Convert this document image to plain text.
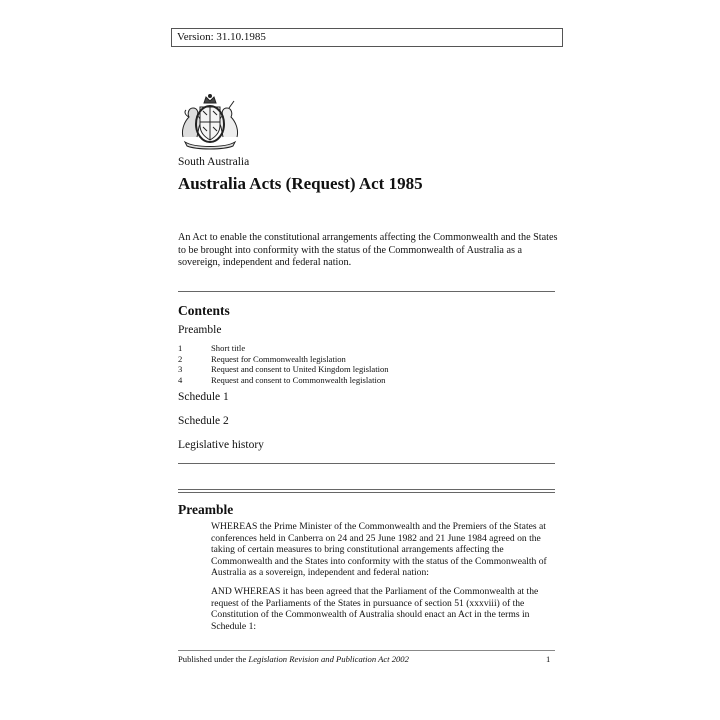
Version: 31.10.1985
South Australia
Australia Acts (Request) Act 1985

An Act to enable the constitutional arrangements affecting the Commonwealth and the States to be brought into conformity with the status of the Commonwealth of Australia as a sovereign, independent and federal nation.

Contents
Preamble
1	Short title
2	Request for Commonwealth legislation
3	Request and consent to United Kingdom legislation
4	Request and consent to Commonwealth legislation
Schedule 1
Schedule 2
Legislative history
Preamble

WHEREAS the Prime Minister of the Commonwealth and the Premiers of the States at conferences held in Canberra on 24 and 25 June 1982 and 21 June 1984 agreed on the taking of certain measures to bring constitutional arrangements affecting the Commonwealth and the States into conformity with the status of the Commonwealth of Australia as a sovereign, independent and federal nation:

AND WHEREAS it has been agreed that the Parliament of the Commonwealth at the request of the Parliaments of the States in pursuance of section 51 (xxxviii) of the Constitution of the Commonwealth of Australia should enact an Act in the terms in Schedule 1:

Published under the Legislation Revision and Publication Act 2002	1
